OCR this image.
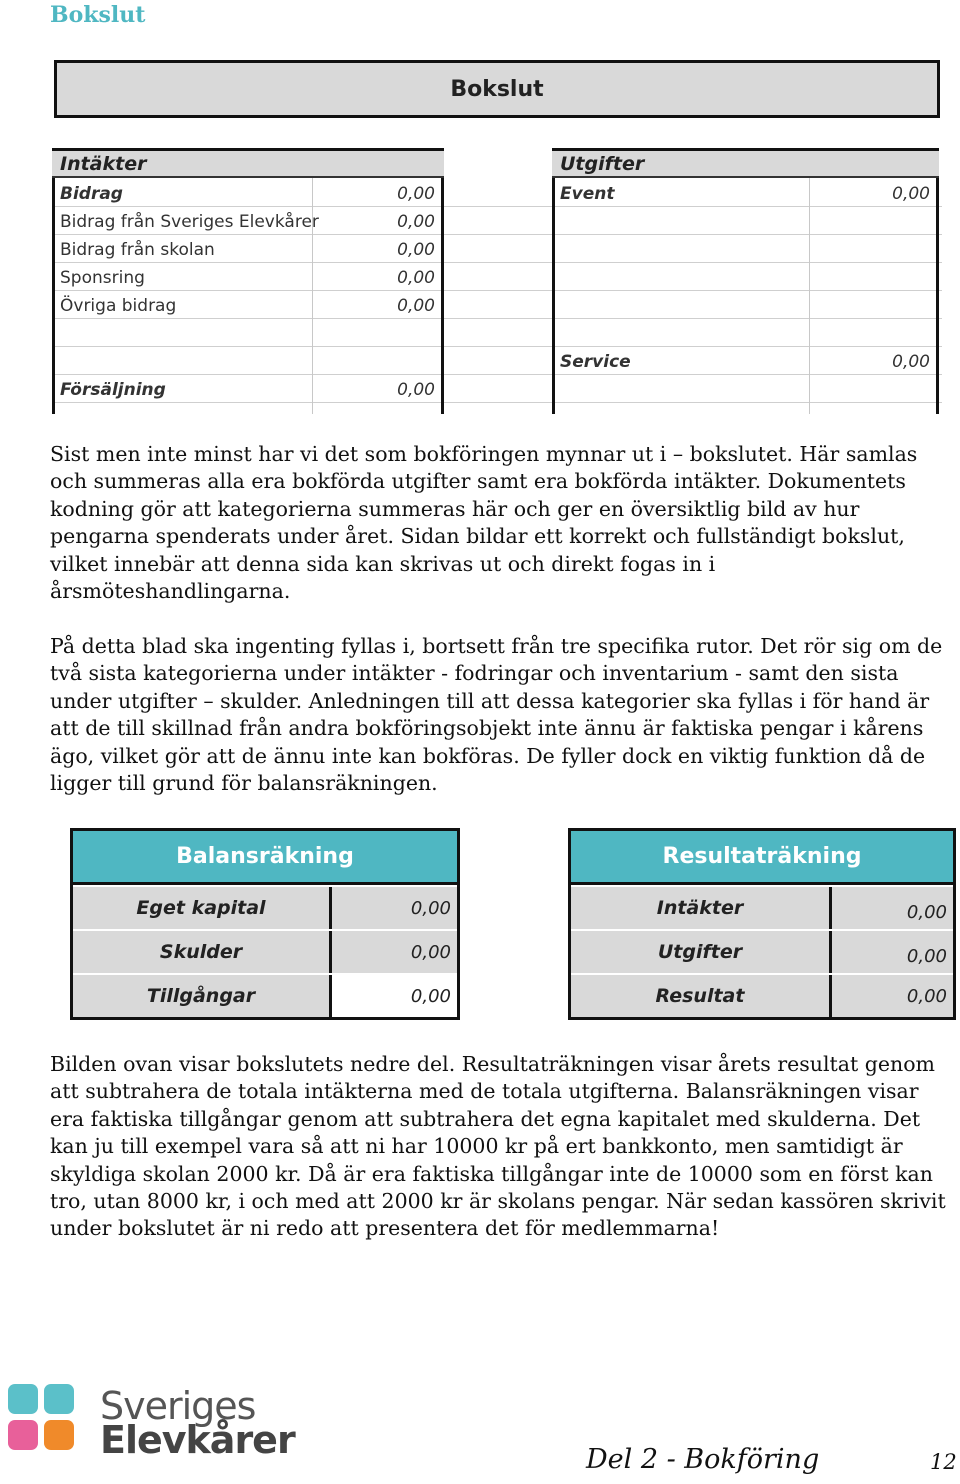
Bokslut
Bokslut
Intäkter	Utgifter
Bidrag	0,00
Bidrag från Sveriges Elevkårer	0,00
Bidrag från skolan	0,00
Sponsring	0,00
Övriga bidrag	0,00
Försäljning	0,00
Event	0,00
Service	0,00

Sist men inte minst har vi det som bokföringen mynnar ut i – bokslutet. Här samlas och summeras alla era bokförda utgifter samt era bokförda intäkter. Dokumentets kodning gör att kategorierna summeras här och ger en översiktlig bild av hur pengarna spenderats under året. Sidan bildar ett korrekt och fullständigt bokslut, vilket innebär att denna sida kan skrivas ut och direkt fogas in i årsmöteshandlingarna.

På detta blad ska ingenting fyllas i, bortsett från tre specifika rutor. Det rör sig om de två sista kategorierna under intäkter - fodringar och inventarium - samt den sista under utgifter – skulder. Anledningen till att dessa kategorier ska fyllas i för hand är att de till skillnad från andra bokföringsobjekt inte ännu är faktiska pengar i kårens ägo, vilket gör att de ännu inte kan bokföras. De fyller dock en viktig funktion då de ligger till grund för balansräkningen.

Balansräkning
Eget kapital	0,00
Skulder	0,00
Tillgångar	0,00
Resultaträkning
Intäkter	0,00
Utgifter	0,00
Resultat	0,00

Bilden ovan visar bokslutets nedre del. Resultaträkningen visar årets resultat genom att subtrahera de totala intäkterna med de totala utgifterna. Balansräkningen visar era faktiska tillgångar genom att subtrahera det egna kapitalet med skulderna. Det kan ju till exempel vara så att ni har 10000 kr på ert bankkonto, men samtidigt är skyldiga skolan 2000 kr. Då är era faktiska tillgångar inte de 10000 som en först kan tro, utan 8000 kr, i och med att 2000 kr är skolans pengar. När sedan kassören skrivit under bokslutet är ni redo att presentera det för medlemmarna!

Sveriges
Elevkårer	Del 2 - Bokföring	12
